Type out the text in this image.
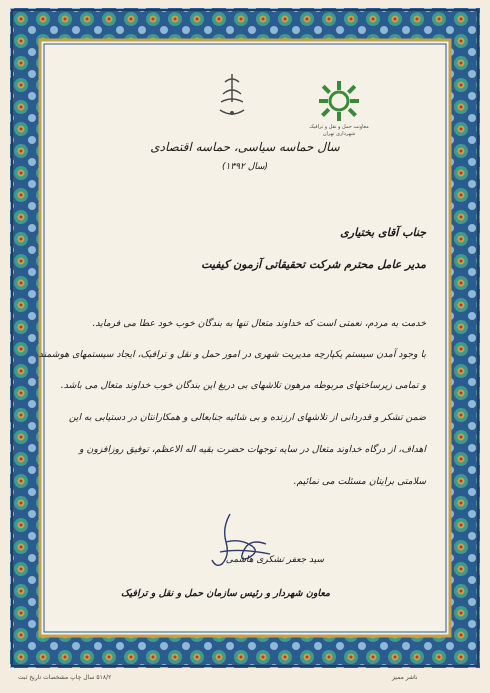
معاونت حمل و نقل و ترافیک شهرداری تهران
سال حماسه سیاسی، حماسه اقتصادی
(سال ۱۳۹۲)
جناب آقای بختیاری
مدیر عامل محترم شرکت تحقیقاتی آزمون کیفیت
خدمت به مردم، نعمتی است که خداوند متعال تنها به بندگان خوب خود عطا می فرماید.
با وجود آمدن سیستم یکپارچه مدیریت شهری در امور حمل و نقل و ترافیک، ایجاد سیستمهای هوشمند
و تمامی زیرساختهای مربوطه مرهون تلاشهای بی دریغ این بندگان خوب خداوند متعال می باشد.
ضمن تشکر و قدردانی از تلاشهای ارزنده و بی شائبه جنابعالی و همکارانتان در دستیابی به این
اهداف، از درگاه خداوند متعال در سایه توجهات حضرت بقیه اله الاعظم، توفیق روزافزون و
سلامتی برایتان مسئلت می نمائیم.
سید جعفر تشکری هاشمی
معاون شهردار و رئیس سازمان حمل و نقل و ترافیک
ناشر ممیز
۵۱۸/۲ سال چاپ مشخصات تاریخ ثبت
